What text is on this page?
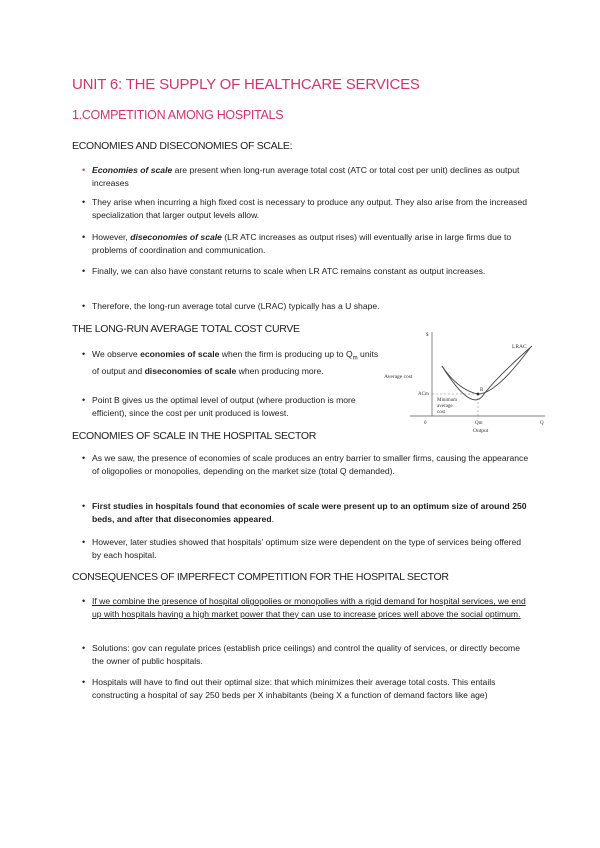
UNIT 6: THE SUPPLY OF HEALTHCARE SERVICES
1.COMPETITION AMONG HOSPITALS
ECONOMIES AND DISECONOMIES OF SCALE:
• Economies of scale are present when long-run average total cost (ATC or total cost per unit) declines as output increases
• They arise when incurring a high fixed cost is necessary to produce any output. They also arise from the increased specialization that larger output levels allow.
• However, diseconomies of scale (LR ATC increases as output rises) will eventually arise in large firms due to problems of coordination and communication.
• Finally, we can also have constant returns to scale when LR ATC remains constant as output increases.
• Therefore, the long-run average total curve (LRAC) typically has a U shape.
THE LONG-RUN AVERAGE TOTAL COST CURVE
• We observe economies of scale when the firm is producing up to $Q_m$ units of output and diseconomies of scale when producing more.
• Point B gives us the optimal level of output (where production is more efficient), since the cost per unit produced is lowest.
$
LRAC
Average cost
ACm
Minimum
average
cost
B
0	Qm	Q
Output
ECONOMIES OF SCALE IN THE HOSPITAL SECTOR
• As we saw, the presence of economies of scale produces an entry barrier to smaller firms, causing the appearance of oligopolies or monopolies, depending on the market size (total Q demanded).
• First studies in hospitals found that economies of scale were present up to an optimum size of around 250 beds, and after that diseconomies appeared.
• However, later studies showed that hospitals' optimum size were dependent on the type of services being offered by each hospital.
CONSEQUENCES OF IMPERFECT COMPETITION FOR THE HOSPITAL SECTOR
• If we combine the presence of hospital oligopolies or monopolies with a rigid demand for hospital services, we end up with hospitals having a high market power that they can use to increase prices well above the social optimum.
• Solutions: gov can regulate prices (establish price ceilings) and control the quality of services, or directly become the owner of public hospitals.
• Hospitals will have to find out their optimal size: that which minimizes their average total costs. This entails constructing a hospital of say 250 beds per X inhabitants (being X a function of demand factors like age)
